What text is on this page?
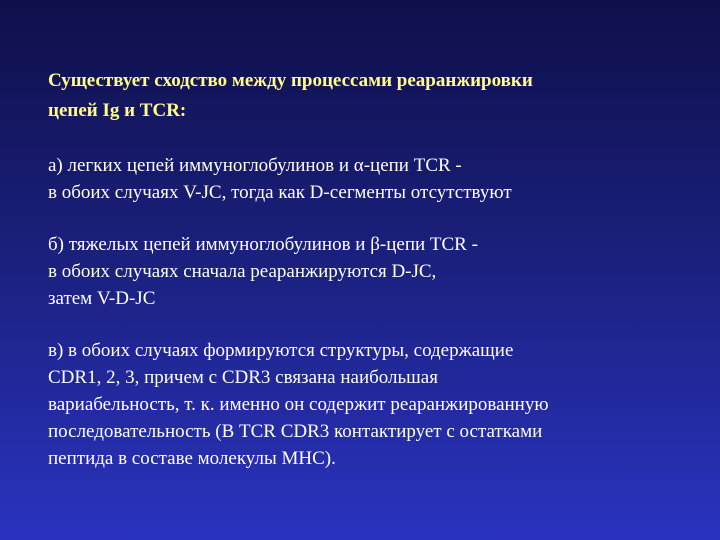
Существует сходство между процессами реаранжировки
цепей Ig и TCR:

а) легких цепей иммуноглобулинов и α-цепи TCR -
в обоих случаях V-JC, тогда как D-сегменты отсутствуют

б) тяжелых цепей иммуноглобулинов и β-цепи TCR -
в обоих случаях сначала реаранжируются D-JC,
затем V-D-JC

в) в обоих случаях формируются структуры, содержащие
CDR1, 2, 3, причем с CDR3 связана наибольшая
вариабельность, т. к. именно он содержит реаранжированную
последовательность (В TCR CDR3 контактирует с остатками
пептида в составе молекулы MHC).
